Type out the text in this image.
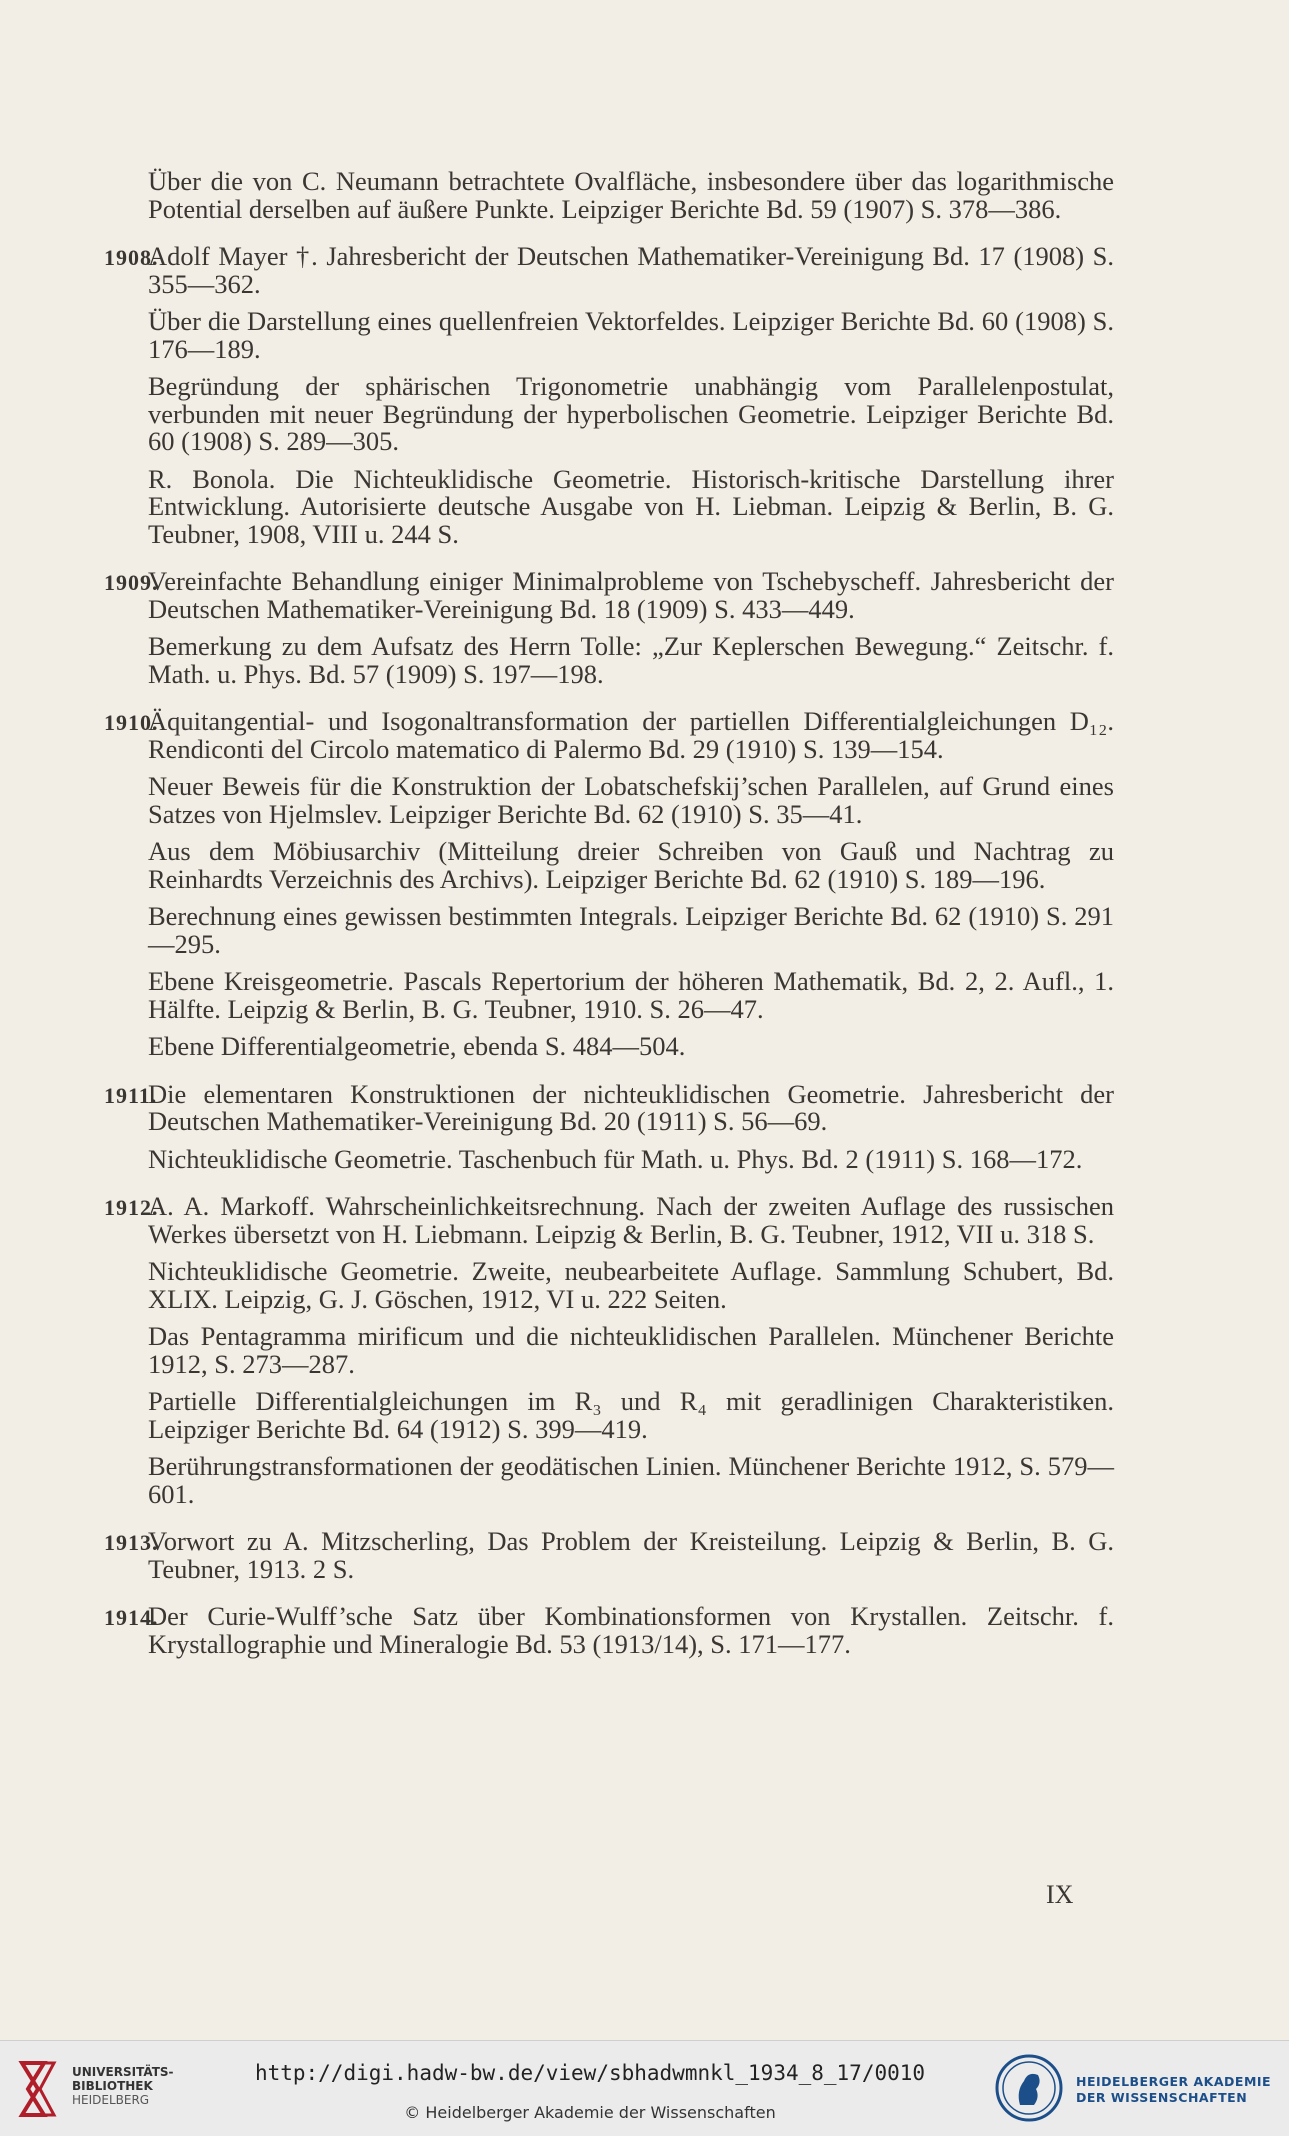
Über die von C. Neumann betrachtete Ovalfläche, insbesondere über das logarithmische Potential derselben auf äußere Punkte. Leipziger Berichte Bd. 59 (1907) S. 378—386.
1908.
Adolf Mayer †. Jahresbericht der Deutschen Mathematiker-Vereinigung Bd. 17 (1908) S. 355—362.
Über die Darstellung eines quellenfreien Vektorfeldes. Leipziger Berichte Bd. 60 (1908) S. 176—189.
Begründung der sphärischen Trigonometrie unabhängig vom Parallelenpostulat, verbunden mit neuer Begründung der hyperbolischen Geometrie. Leipziger Berichte Bd. 60 (1908) S. 289—305.
R. Bonola. Die Nichteuklidische Geometrie. Historisch-kritische Darstellung ihrer Entwicklung. Autorisierte deutsche Ausgabe von H. Liebman. Leipzig & Berlin, B. G. Teubner, 1908, VIII u. 244 S.
1909.
Vereinfachte Behandlung einiger Minimalprobleme von Tschebyscheff. Jahresbericht der Deutschen Mathematiker-Vereinigung Bd. 18 (1909) S. 433—449.
Bemerkung zu dem Aufsatz des Herrn Tolle: „Zur Keplerschen Bewegung.“ Zeitschr. f. Math. u. Phys. Bd. 57 (1909) S. 197—198.
1910.
Äquitangential- und Isogonaltransformation der partiellen Differentialgleichungen D₁₂. Rendiconti del Circolo matematico di Palermo Bd. 29 (1910) S. 139—154.
Neuer Beweis für die Konstruktion der Lobatschefskij’schen Parallelen, auf Grund eines Satzes von Hjelmslev. Leipziger Berichte Bd. 62 (1910) S. 35—41.
Aus dem Möbiusarchiv (Mitteilung dreier Schreiben von Gauß und Nachtrag zu Reinhardts Verzeichnis des Archivs). Leipziger Berichte Bd. 62 (1910) S. 189—196.
Berechnung eines gewissen bestimmten Integrals. Leipziger Berichte Bd. 62 (1910) S. 291—295.
Ebene Kreisgeometrie. Pascals Repertorium der höheren Mathematik, Bd. 2, 2. Aufl., 1. Hälfte. Leipzig & Berlin, B. G. Teubner, 1910. S. 26—47.
Ebene Differentialgeometrie, ebenda S. 484—504.
1911.
Die elementaren Konstruktionen der nichteuklidischen Geometrie. Jahresbericht der Deutschen Mathematiker-Vereinigung Bd. 20 (1911) S. 56—69.
Nichteuklidische Geometrie. Taschenbuch für Math. u. Phys. Bd. 2 (1911) S. 168—172.
1912.
A. A. Markoff. Wahrscheinlichkeitsrechnung. Nach der zweiten Auflage des russischen Werkes übersetzt von H. Liebmann. Leipzig & Berlin, B. G. Teubner, 1912, VII u. 318 S.
Nichteuklidische Geometrie. Zweite, neubearbeitete Auflage. Sammlung Schubert, Bd. XLIX. Leipzig, G. J. Göschen, 1912, VI u. 222 Seiten.
Das Pentagramma mirificum und die nichteuklidischen Parallelen. Münchener Berichte 1912, S. 273—287.
Partielle Differentialgleichungen im R₃ und R₄ mit geradlinigen Charakteristiken. Leipziger Berichte Bd. 64 (1912) S. 399—419.
Berührungstransformationen der geodätischen Linien. Münchener Berichte 1912, S. 579—601.
1913.
Vorwort zu A. Mitzscherling, Das Problem der Kreisteilung. Leipzig & Berlin, B. G. Teubner, 1913. 2 S.
1914.
Der Curie-Wulff’sche Satz über Kombinationsformen von Krystallen. Zeitschr. f. Krystallographie und Mineralogie Bd. 53 (1913/14), S. 171—177.
IX
UNIVERSITÄTS-
BIBLIOTHEK
HEIDELBERG
http://digi.hadw-bw.de/view/sbhadwmnkl_1934_8_17/0010
© Heidelberger Akademie der Wissenschaften
HEIDELBERGER AKADEMIE
DER WISSENSCHAFTEN
